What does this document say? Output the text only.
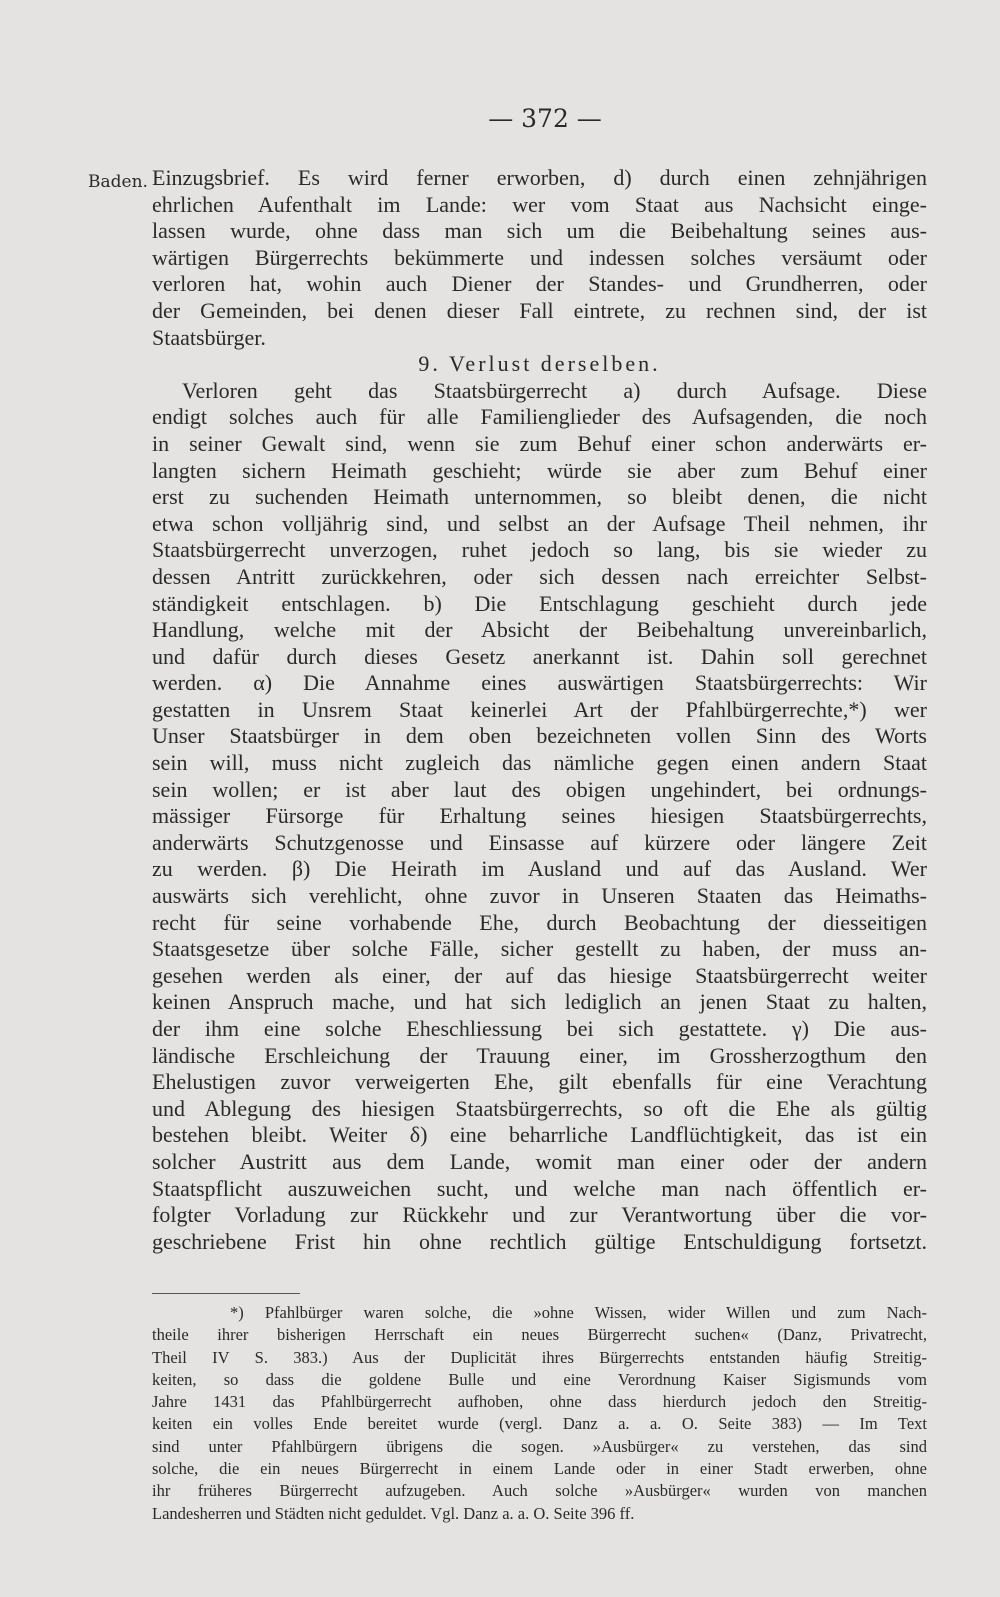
— 372 —
Baden. Einzugsbrief. Es wird ferner erworben, d) durch einen zehnjährigen
ehrlichen Aufenthalt im Lande: wer vom Staat aus Nachsicht einge-
lassen wurde, ohne dass man sich um die Beibehaltung seines aus-
wärtigen Bürgerrechts bekümmerte und indessen solches versäumt oder
verloren hat, wohin auch Diener der Standes- und Grundherren, oder
der Gemeinden, bei denen dieser Fall eintrete, zu rechnen sind, der ist
Staatsbürger.
9. Verlust derselben.
Verloren geht das Staatsbürgerrecht a) durch Aufsage. Diese
endigt solches auch für alle Familienglieder des Aufsagenden, die noch
in seiner Gewalt sind, wenn sie zum Behuf einer schon anderwärts er-
langten sichern Heimath geschieht; würde sie aber zum Behuf einer
erst zu suchenden Heimath unternommen, so bleibt denen, die nicht
etwa schon volljährig sind, und selbst an der Aufsage Theil nehmen, ihr
Staatsbürgerrecht unverzogen, ruhet jedoch so lang, bis sie wieder zu
dessen Antritt zurückkehren, oder sich dessen nach erreichter Selbst-
ständigkeit entschlagen. b) Die Entschlagung geschieht durch jede
Handlung, welche mit der Absicht der Beibehaltung unvereinbarlich,
und dafür durch dieses Gesetz anerkannt ist. Dahin soll gerechnet
werden. α) Die Annahme eines auswärtigen Staatsbürgerrechts: Wir
gestatten in Unsrem Staat keinerlei Art der Pfahlbürgerrechte,*) wer
Unser Staatsbürger in dem oben bezeichneten vollen Sinn des Worts
sein will, muss nicht zugleich das nämliche gegen einen andern Staat
sein wollen; er ist aber laut des obigen ungehindert, bei ordnungs-
mässiger Fürsorge für Erhaltung seines hiesigen Staatsbürgerrechts,
anderwärts Schutzgenosse und Einsasse auf kürzere oder längere Zeit
zu werden. β) Die Heirath im Ausland und auf das Ausland. Wer
auswärts sich verehlicht, ohne zuvor in Unseren Staaten das Heimaths-
recht für seine vorhabende Ehe, durch Beobachtung der diesseitigen
Staatsgesetze über solche Fälle, sicher gestellt zu haben, der muss an-
gesehen werden als einer, der auf das hiesige Staatsbürgerrecht weiter
keinen Anspruch mache, und hat sich lediglich an jenen Staat zu halten,
der ihm eine solche Eheschliessung bei sich gestattete. γ) Die aus-
ländische Erschleichung der Trauung einer, im Grossherzogthum den
Ehelustigen zuvor verweigerten Ehe, gilt ebenfalls für eine Verachtung
und Ablegung des hiesigen Staatsbürgerrechts, so oft die Ehe als gültig
bestehen bleibt. Weiter δ) eine beharrliche Landflüchtigkeit, das ist ein
solcher Austritt aus dem Lande, womit man einer oder der andern
Staatspflicht auszuweichen sucht, und welche man nach öffentlich er-
folgter Vorladung zur Rückkehr und zur Verantwortung über die vor-
geschriebene Frist hin ohne rechtlich gültige Entschuldigung fortsetzt.
*) Pfahlbürger waren solche, die »ohne Wissen, wider Willen und zum Nach-
theile ihrer bisherigen Herrschaft ein neues Bürgerrecht suchen« (Danz, Privatrecht,
Theil IV S. 383.) Aus der Duplicität ihres Bürgerrechts entstanden häufig Streitig-
keiten, so dass die goldene Bulle und eine Verordnung Kaiser Sigismunds vom
Jahre 1431 das Pfahlbürgerrecht aufhoben, ohne dass hierdurch jedoch den Streitig-
keiten ein volles Ende bereitet wurde (vergl. Danz a. a. O. Seite 383) — Im Text
sind unter Pfahlbürgern übrigens die sogen. »Ausbürger« zu verstehen, das sind
solche, die ein neues Bürgerrecht in einem Lande oder in einer Stadt erwerben, ohne
ihr früheres Bürgerrecht aufzugeben. Auch solche »Ausbürger« wurden von manchen
Landesherren und Städten nicht geduldet. Vgl. Danz a. a. O. Seite 396 ff.
